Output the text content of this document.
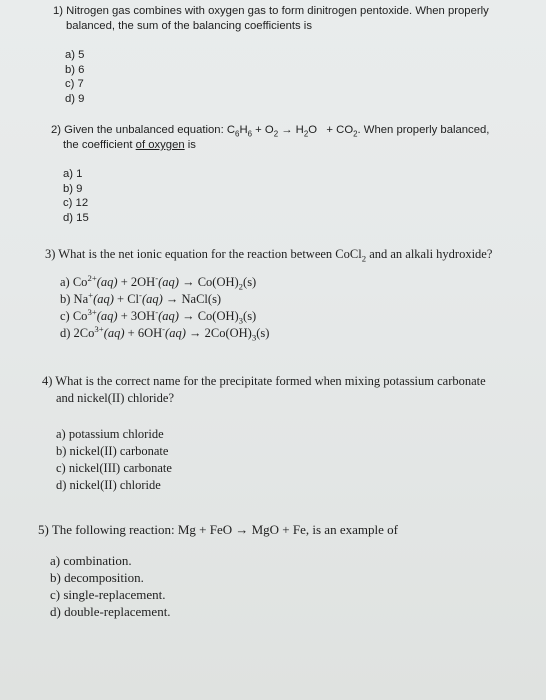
1) Nitrogen gas combines with oxygen gas to form dinitrogen pentoxide. When properly
balanced, the sum of the balancing coefficients is

a) 5
b) 6
c) 7
d) 9

2) Given the unbalanced equation: $C_6H_6 + O_2 \to H_2O + CO_2$. When properly balanced,
the coefficient of oxygen is

a) 1
b) 9
c) 12
d) 15

3) What is the net ionic equation for the reaction between CoCl$_2$ and an alkali hydroxide?

a) $Co^{2+}(aq) + 2OH^-(aq) \to Co(OH)_2(s)$
b) Na+(aq) + Cl-(aq) → NaCl(s)
c) $Co^{3+}(aq) + 3OH^-(aq) \to Co(OH)_3(s)$
d) $2Co^{3+}(aq) + 6OH^-(aq) \to 2Co(OH)_3(s)$

4) What is the correct name for the precipitate formed when mixing potassium carbonate
and nickel(II) chloride?

a) potassium chloride
b) nickel(II) carbonate
c) nickel(III) carbonate
d) nickel(II) chloride

5) The following reaction: Mg + FeO → MgO + Fe, is an example of

a) combination.
b) decomposition.
c) single-replacement.
d) double-replacement.
